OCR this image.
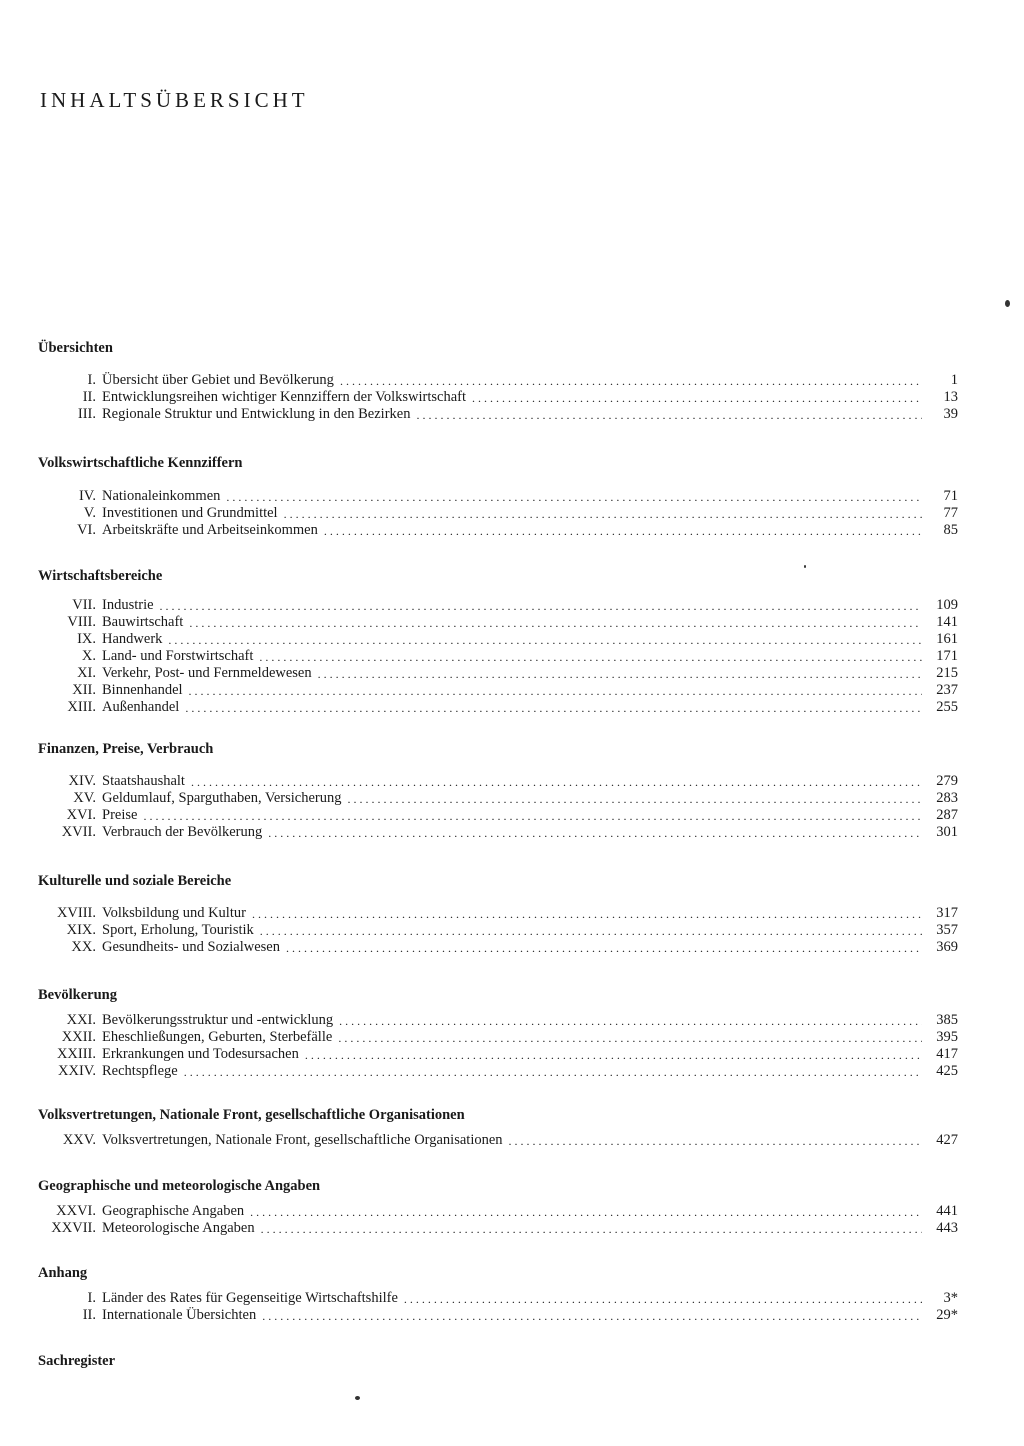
INHALTSÜBERSICHT
Übersichten
I. Übersicht über Gebiet und Bevölkerung	1
. . .
II. Entwicklungsreihen wichtiger Kennziffern der Volkswirtschaft	13
. . .
III. Regionale Struktur und Entwicklung in den Bezirken	39
. . .
Volkswirtschaftliche Kennziffern
IV. Nationaleinkommen	71
. . .
V. Investitionen und Grundmittel	77
. . .
VI. Arbeitskräfte und Arbeitseinkommen	85
. . .
Wirtschaftsbereiche
VII. Industrie	109
. . .
VIII. Bauwirtschaft	141
. . .
IX. Handwerk	161
. . .
X. Land- und Forstwirtschaft	171
. . .
XI. Verkehr, Post- und Fernmeldewesen	215
. . .
XII. Binnenhandel	237
. . .
XIII. Außenhandel	255
. . .
Finanzen, Preise, Verbrauch
XIV. Staatshaushalt	279
. . .
XV. Geldumlauf, Sparguthaben, Versicherung	283
. . .
XVI. Preise	287
. . .
XVII. Verbrauch der Bevölkerung	301
. . .
Kulturelle und soziale Bereiche
XVIII. Volksbildung und Kultur	317
. . .
XIX. Sport, Erholung, Touristik	357
. . .
XX. Gesundheits- und Sozialwesen	369
. . .
Bevölkerung
XXI. Bevölkerungsstruktur und -entwicklung	385
. . .
XXII. Eheschließungen, Geburten, Sterbefälle	395
. . .
XXIII. Erkrankungen und Todesursachen	417
. . .
XXIV. Rechtspflege	425
. . .
Volksvertretungen, Nationale Front, gesellschaftliche Organisationen
XXV. Volksvertretungen, Nationale Front, gesellschaftliche Organisationen	427
. . .
Geographische und meteorologische Angaben
XXVI. Geographische Angaben	441
. . .
XXVII. Meteorologische Angaben	443
. . .
Anhang
I. Länder des Rates für Gegenseitige Wirtschaftshilfe	3*
. . .
II. Internationale Übersichten	29*
. . .
Sachregister
